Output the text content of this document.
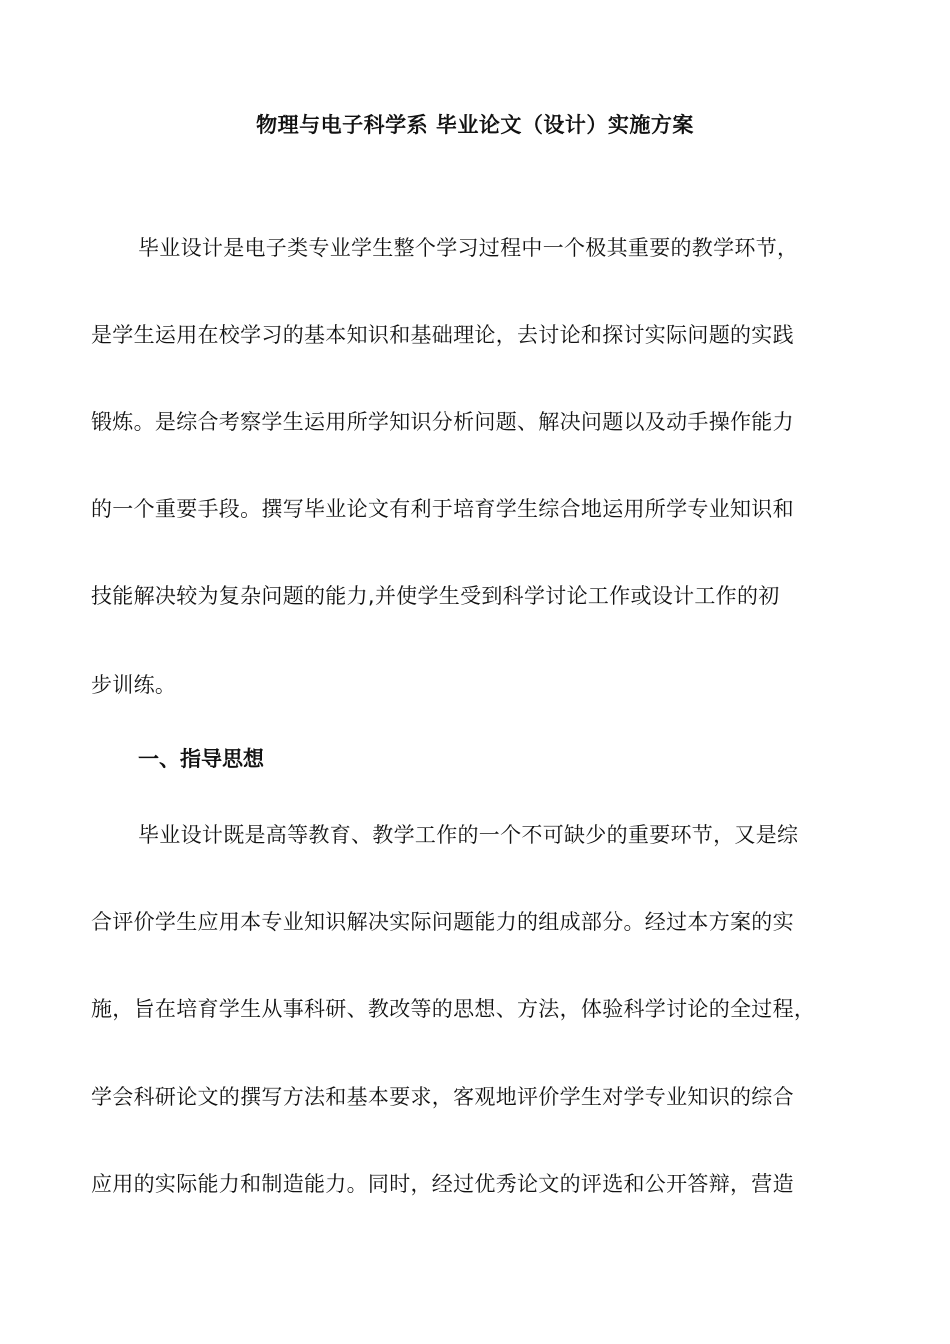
物理与电子科学系 毕业论文（设计）实施方案
毕业设计是电子类专业学生整个学习过程中一个极其重要的教学环节，
是学生运用在校学习的基本知识和基础理论，去讨论和探讨实际问题的实践
锻炼。是综合考察学生运用所学知识分析问题、解决问题以及动手操作能力
的一个重要手段。撰写毕业论文有利于培育学生综合地运用所学专业知识和
技能解决较为复杂问题的能力,并使学生受到科学讨论工作或设计工作的初
步训练。
一、指导思想
毕业设计既是高等教育、教学工作的一个不可缺少的重要环节，又是综
合评价学生应用本专业知识解决实际问题能力的组成部分。经过本方案的实
施，旨在培育学生从事科研、教改等的思想、方法，体验科学讨论的全过程，
学会科研论文的撰写方法和基本要求，客观地评价学生对学专业知识的综合
应用的实际能力和制造能力。同时，经过优秀论文的评选和公开答辩，营造
